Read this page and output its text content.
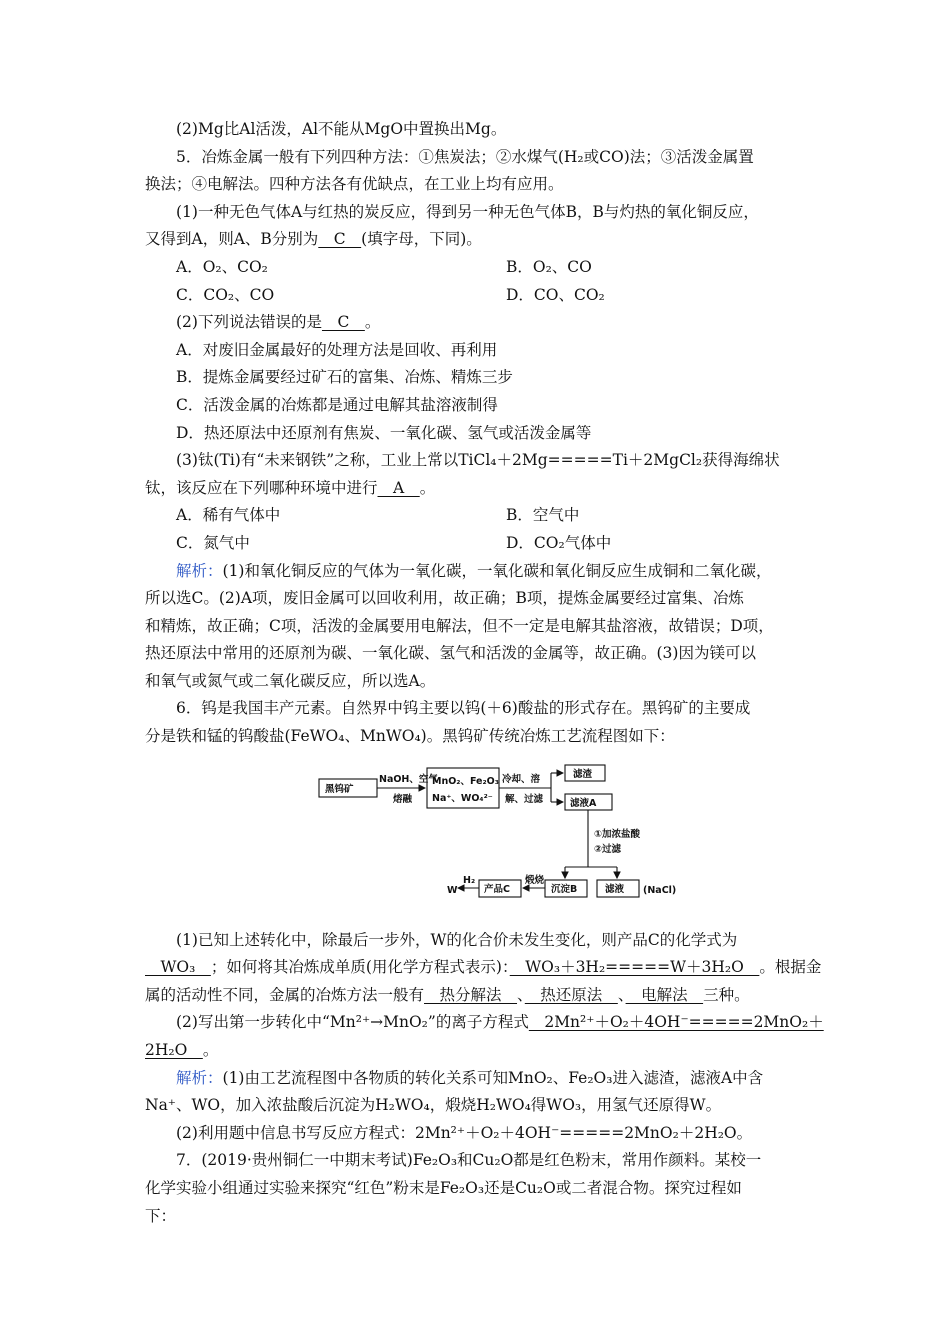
(2)Mg比Al活泼，Al不能从MgO中置换出Mg。

5．冶炼金属一般有下列四种方法：①焦炭法；②水煤气(H₂或CO)法；③活泼金属置

换法；④电解法。四种方法各有优缺点，在工业上均有应用。

(1)一种无色气体A与红热的炭反应，得到另一种无色气体B，B与灼热的氧化铜反应，

又得到A，则A、B分别为　C　(填字母，下同)。

A．O₂、CO₂	B．O₂、CO
C．CO₂、CO	D．CO、CO₂

(2)下列说法错误的是　C　。

A．对废旧金属最好的处理方法是回收、再利用

B．提炼金属要经过矿石的富集、冶炼、精炼三步

C．活泼金属的冶炼都是通过电解其盐溶液制得

D．热还原法中还原剂有焦炭、一氧化碳、氢气或活泼金属等

(3)钛(Ti)有“未来钢铁”之称，工业上常以TiCl₄＋2Mg=====Ti＋2MgCl₂获得海绵状

钛，该反应在下列哪种环境中进行　A　。

A．稀有气体中	B．空气中
C．氮气中	D．CO₂气体中

解析：(1)和氧化铜反应的气体为一氧化碳，一氧化碳和氧化铜反应生成铜和二氧化碳，

所以选C。(2)A项，废旧金属可以回收利用，故正确；B项，提炼金属要经过富集、冶炼

和精炼，故正确；C项，活泼的金属要用电解法，但不一定是电解其盐溶液，故错误；D项，

热还原法中常用的还原剂为碳、一氧化碳、氢气和活泼的金属等，故正确。(3)因为镁可以

和氧气或氮气或二氧化碳反应，所以选A。

6．钨是我国丰产元素。自然界中钨主要以钨(＋6)酸盐的形式存在。黑钨矿的主要成

分是铁和锰的钨酸盐(FeWO₄、MnWO₄)。黑钨矿传统冶炼工艺流程图如下：

黑钨矿
NaOH、空气
熔融
MnO₂、Fe₂O₃
Na⁺、WO₄²⁻
冷却、溶
解、过滤
滤渣
滤液A
①加浓盐酸
②过滤
沉淀B	滤液 (NaCl)
煅烧
产品C
H₂
W

(1)已知上述转化中，除最后一步外，W的化合价未发生变化，则产品C的化学式为

　WO₃　；如何将其冶炼成单质(用化学方程式表示)：　WO₃＋3H₂=====W＋3H₂O　。根据金

属的活动性不同，金属的冶炼方法一般有　热分解法　、　热还原法　、　电解法　三种。

(2)写出第一步转化中“Mn²⁺→MnO₂”的离子方程式　2Mn²⁺＋O₂＋4OH⁻=====2MnO₂＋

2H₂O　。

解析：(1)由工艺流程图中各物质的转化关系可知MnO₂、Fe₂O₃进入滤渣，滤液A中含

Na⁺、WO，加入浓盐酸后沉淀为H₂WO₄，煅烧H₂WO₄得WO₃，用氢气还原得W。

(2)利用题中信息书写反应方程式：2Mn²⁺＋O₂＋4OH⁻=====2MnO₂＋2H₂O。

7．(2019·贵州铜仁一中期末考试)Fe₂O₃和Cu₂O都是红色粉末，常用作颜料。某校一

化学实验小组通过实验来探究“红色”粉末是Fe₂O₃还是Cu₂O或二者混合物。探究过程如

下：
